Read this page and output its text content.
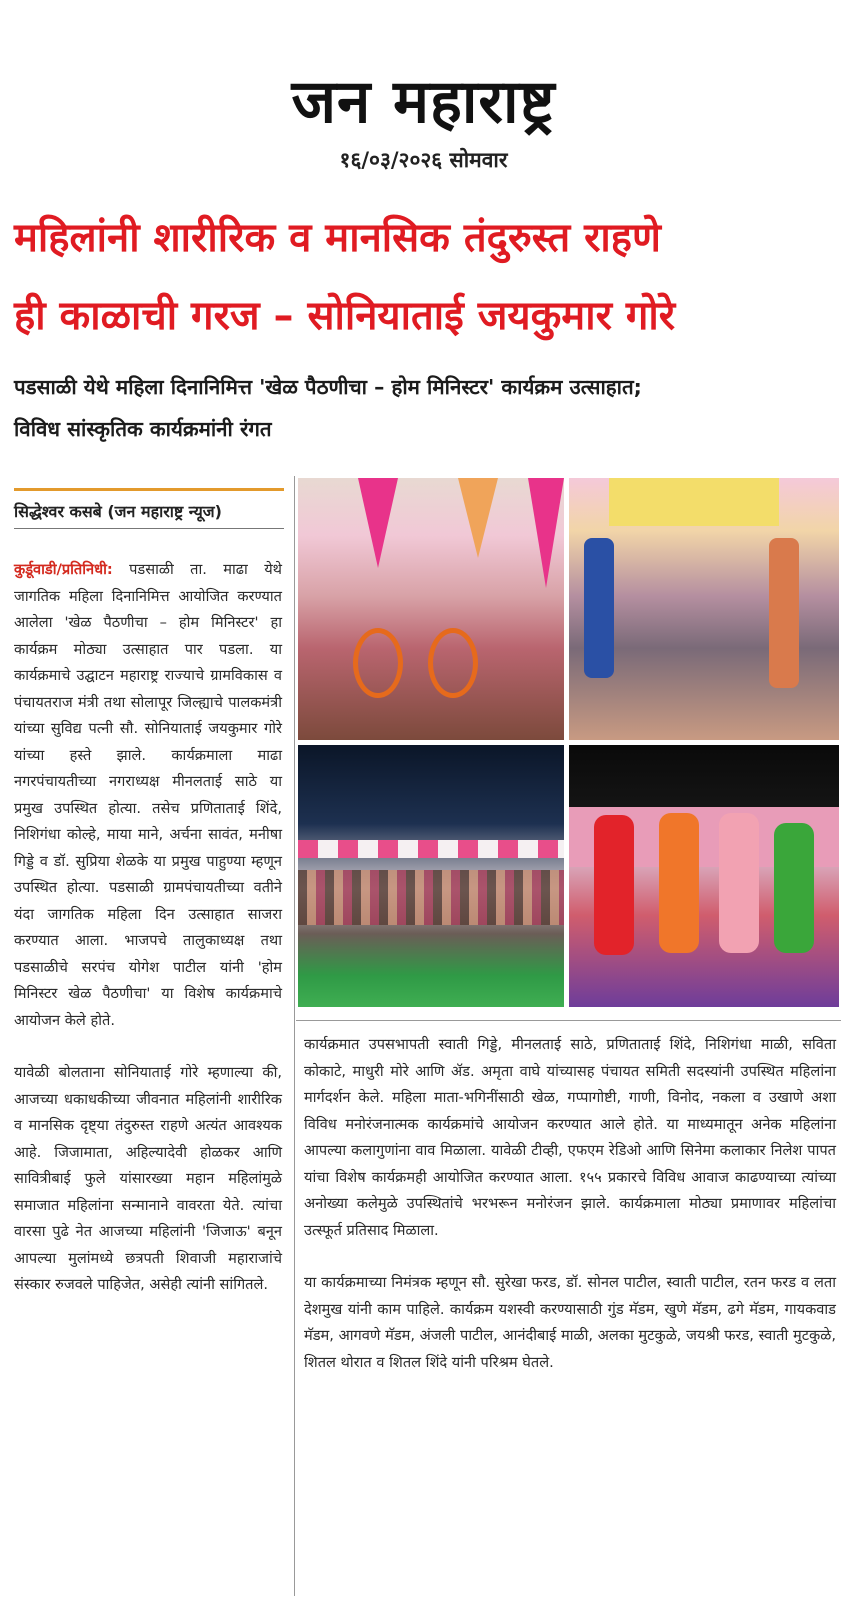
जन महाराष्ट्र
१६/०३/२०२६ सोमवार
महिलांनी शारीरिक व मानसिक तंदुरुस्त राहणे
ही काळाची गरज – सोनियाताई जयकुमार गोरे
पडसाळी येथे महिला दिनानिमित्त 'खेळ पैठणीचा – होम मिनिस्टर' कार्यक्रम उत्साहात;
विविध सांस्कृतिक कार्यक्रमांनी रंगत
सिद्धेश्वर कसबे (जन महाराष्ट्र न्यूज)

कुर्डूवाडी/प्रतिनिधी: पडसाळी ता. माढा येथे जागतिक महिला दिनानिमित्त आयोजित करण्यात आलेला 'खेळ पैठणीचा – होम मिनिस्टर' हा कार्यक्रम मोठ्या उत्साहात पार पडला. या कार्यक्रमाचे उद्घाटन महाराष्ट्र राज्याचे ग्रामविकास व पंचायतराज मंत्री तथा सोलापूर जिल्ह्याचे पालकमंत्री यांच्या सुविद्य पत्नी सौ. सोनियाताई जयकुमार गोरे यांच्या हस्ते झाले. कार्यक्रमाला माढा नगरपंचायतीच्या नगराध्यक्ष मीनलताई साठे या प्रमुख उपस्थित होत्या. तसेच प्रणिताताई शिंदे, निशिगंधा कोल्हे, माया माने, अर्चना सावंत, मनीषा गिड्डे व डॉ. सुप्रिया शेळके या प्रमुख पाहुण्या म्हणून उपस्थित होत्या. पडसाळी ग्रामपंचायतीच्या वतीने यंदा जागतिक महिला दिन उत्साहात साजरा करण्यात आला. भाजपचे तालुकाध्यक्ष तथा पडसाळीचे सरपंच योगेश पाटील यांनी 'होम मिनिस्टर खेळ पैठणीचा' या विशेष कार्यक्रमाचे आयोजन केले होते.

यावेळी बोलताना सोनियाताई गोरे म्हणाल्या की, आजच्या धकाधकीच्या जीवनात महिलांनी शारीरिक व मानसिक दृष्ट्या तंदुरुस्त राहणे अत्यंत आवश्यक आहे. जिजामाता, अहिल्यादेवी होळकर आणि सावित्रीबाई फुले यांसारख्या महान महिलांमुळे समाजात महिलांना सन्मानाने वावरता येते. त्यांचा वारसा पुढे नेत आजच्या महिलांनी 'जिजाऊ' बनून आपल्या मुलांमध्ये छत्रपती शिवाजी महाराजांचे संस्कार रुजवले पाहिजेत, असेही त्यांनी सांगितले.

कार्यक्रमात उपसभापती स्वाती गिड्डे, मीनलताई साठे, प्रणिताताई शिंदे, निशिगंधा माळी, सविता कोकाटे, माधुरी मोरे आणि ॲड. अमृता वाघे यांच्यासह पंचायत समिती सदस्यांनी उपस्थित महिलांना मार्गदर्शन केले. महिला माता-भगिनींसाठी खेळ, गप्पागोष्टी, गाणी, विनोद, नकला व उखाणे अशा विविध मनोरंजनात्मक कार्यक्रमांचे आयोजन करण्यात आले होते. या माध्यमातून अनेक महिलांना आपल्या कलागुणांना वाव मिळाला. यावेळी टीव्ही, एफएम रेडिओ आणि सिनेमा कलाकार निलेश पापत यांचा विशेष कार्यक्रमही आयोजित करण्यात आला. १५५ प्रकारचे विविध आवाज काढण्याच्या त्यांच्या अनोख्या कलेमुळे उपस्थितांचे भरभरून मनोरंजन झाले. कार्यक्रमाला मोठ्या प्रमाणावर महिलांचा उत्स्फूर्त प्रतिसाद मिळाला.

या कार्यक्रमाच्या निमंत्रक म्हणून सौ. सुरेखा फरड, डॉ. सोनल पाटील, स्वाती पाटील, रतन फरड व लता देशमुख यांनी काम पाहिले. कार्यक्रम यशस्वी करण्यासाठी गुंड मॅडम, खुणे मॅडम, ढगे मॅडम, गायकवाड मॅडम, आगवणे मॅडम, अंजली पाटील, आनंदीबाई माळी, अलका मुटकुळे, जयश्री फरड, स्वाती मुटकुळे, शितल थोरात व शितल शिंदे यांनी परिश्रम घेतले.
